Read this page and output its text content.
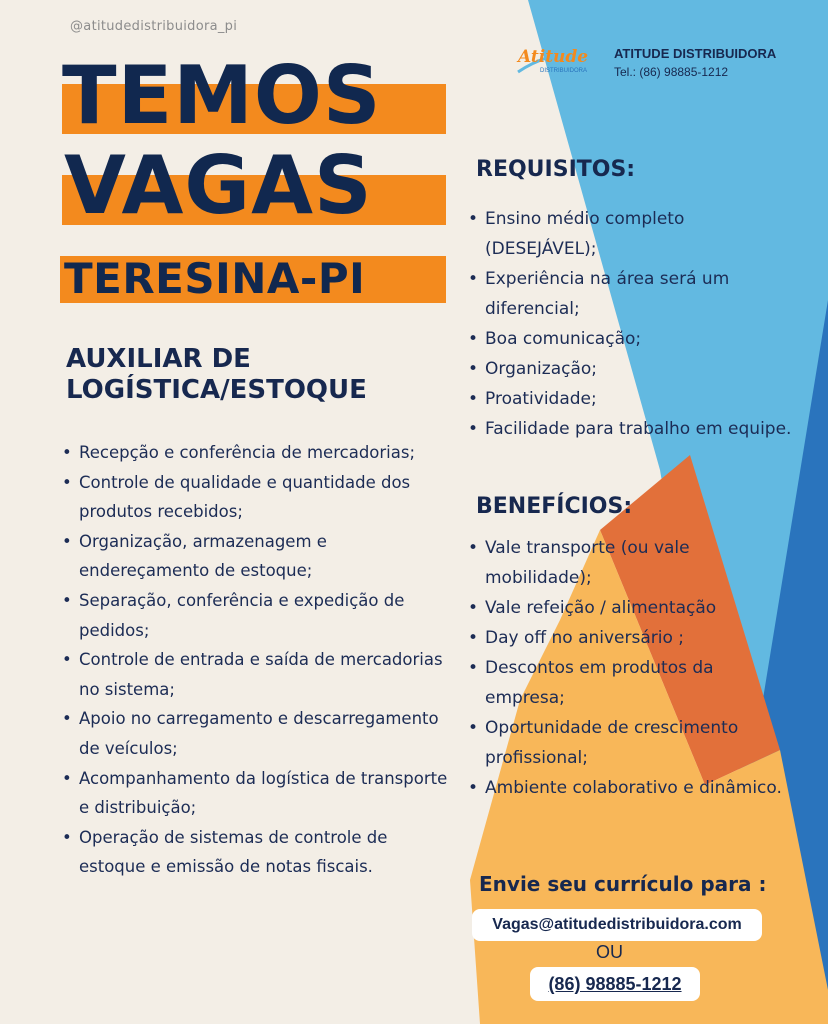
@atitudedistribuidora_pi
Atitude
DISTRIBUIDORA
ATITUDE DISTRIBUIDORA
Tel.: (86) 98885-1212
TEMOS
VAGAS
TERESINA-PI
AUXILIAR DE
LOGÍSTICA/ESTOQUE
• Recepção e conferência de mercadorias;
• Controle de qualidade e quantidade dos produtos recebidos;
• Organização, armazenagem e endereçamento de estoque;
• Separação, conferência e expedição de pedidos;
• Controle de entrada e saída de mercadorias no sistema;
• Apoio no carregamento e descarregamento de veículos;
• Acompanhamento da logística de transporte e distribuição;
• Operação de sistemas de controle de estoque e emissão de notas fiscais.
REQUISITOS:
• Ensino médio completo (DESEJÁVEL);
• Experiência na área será um diferencial;
• Boa comunicação;
• Organização;
• Proatividade;
• Facilidade para trabalho em equipe.
BENEFÍCIOS:
• Vale transporte (ou vale mobilidade);
• Vale refeição / alimentação
• Day off no aniversário ;
• Descontos em produtos da empresa;
• Oportunidade de crescimento profissional;
• Ambiente colaborativo e dinâmico.
Envie seu currículo para :
Vagas@atitudedistribuidora.com
OU
(86) 98885-1212
